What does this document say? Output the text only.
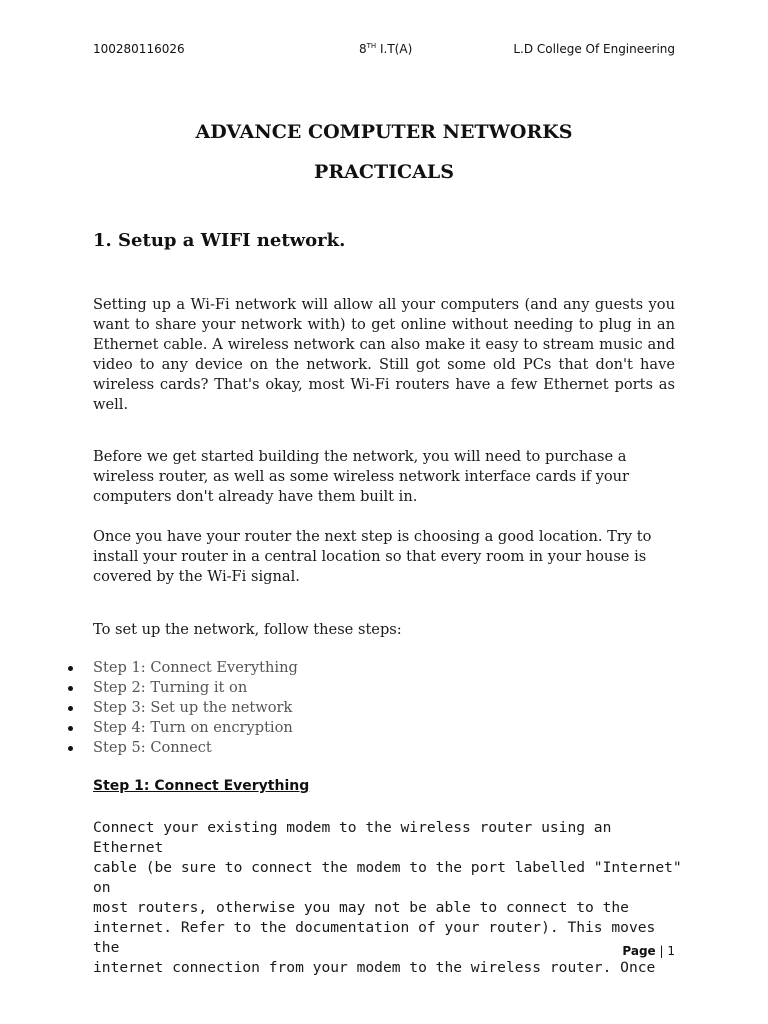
100280116026	8TH I.T(A)	L.D College Of Engineering
ADVANCE COMPUTER NETWORKS
PRACTICALS
1. Setup a WIFI network.
Setting up a Wi-Fi network will allow all your computers (and any guests you want to share your network with) to get online without needing to plug in an Ethernet cable. A wireless network can also make it easy to stream music and video to any device on the network. Still got some old PCs that don't have wireless cards? That's okay, most Wi-Fi routers have a few Ethernet ports as well.
Before we get started building the network, you will need to purchase a wireless router, as well as some wireless network interface cards if your computers don't already have them built in.
Once you have your router the next step is choosing a good location. Try to install your router in a central location so that every room in your house is covered by the Wi-Fi signal.
To set up the network, follow these steps:
Step 1: Connect Everything
Step 2: Turning it on
Step 3: Set up the network
Step 4: Turn on encryption
Step 5: Connect
Step 1: Connect Everything
Connect your existing modem to the wireless router using an Ethernet
cable (be sure to connect the modem to the port labelled "Internet" on
most routers, otherwise you may not be able to connect to the
internet. Refer to the documentation of your router). This moves the
internet connection from your modem to the wireless router. Once
Page | 1
